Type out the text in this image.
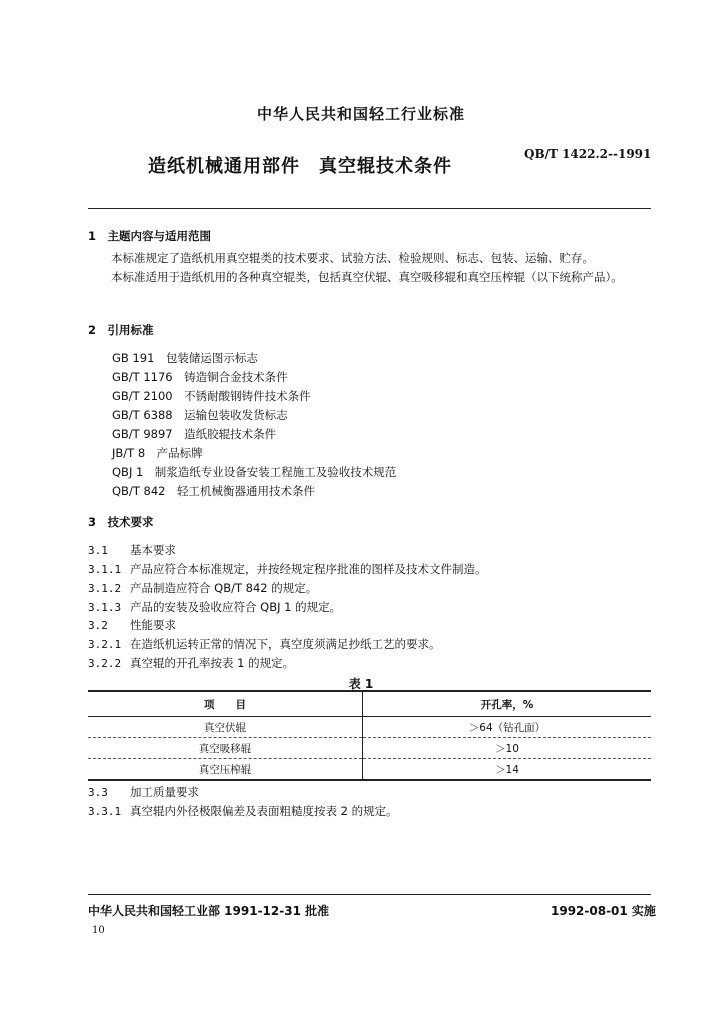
中华人民共和国轻工行业标准
造纸机械通用部件　真空辊技术条件
QB/T 1422.2--1991
1　主题内容与适用范围
本标准规定了造纸机用真空辊类的技术要求、试验方法、检验规则、标志、包装、运输、贮存。
本标准适用于造纸机用的各种真空辊类，包括真空伏辊、真空吸移辊和真空压榨辊（以下统称产品）。
2　引用标准
GB 191　包装储运图示标志
GB/T 1176　铸造铜合金技术条件
GB/T 2100　不锈耐酸钢铸件技术条件
GB/T 6388　运输包装收发货标志
GB/T 9897　造纸胶辊技术条件
JB/T 8　产品标牌
QBJ 1　制浆造纸专业设备安装工程施工及验收技术规范
QB/T 842　轻工机械衡器通用技术条件
3　技术要求
3.1 基本要求
3.1.1 产品应符合本标准规定，并按经规定程序批准的图样及技术文件制造。
3.1.2 产品制造应符合 QB/T 842 的规定。
3.1.3 产品的安装及验收应符合 QBJ 1 的规定。
3.2 性能要求
3.2.1 在造纸机运转正常的情况下，真空度须满足抄纸工艺的要求。
3.2.2 真空辊的开孔率按表 1 的规定。
表 1
项　　目	开孔率，%
真空伏辊	＞64（钻孔面）
真空吸移辊	＞10
真空压榨辊	＞14
3.3 加工质量要求
3.3.1 真空辊内外径极限偏差及表面粗糙度按表 2 的规定。
中华人民共和国轻工业部 1991-12-31 批准	1992-08-01 实施
10
